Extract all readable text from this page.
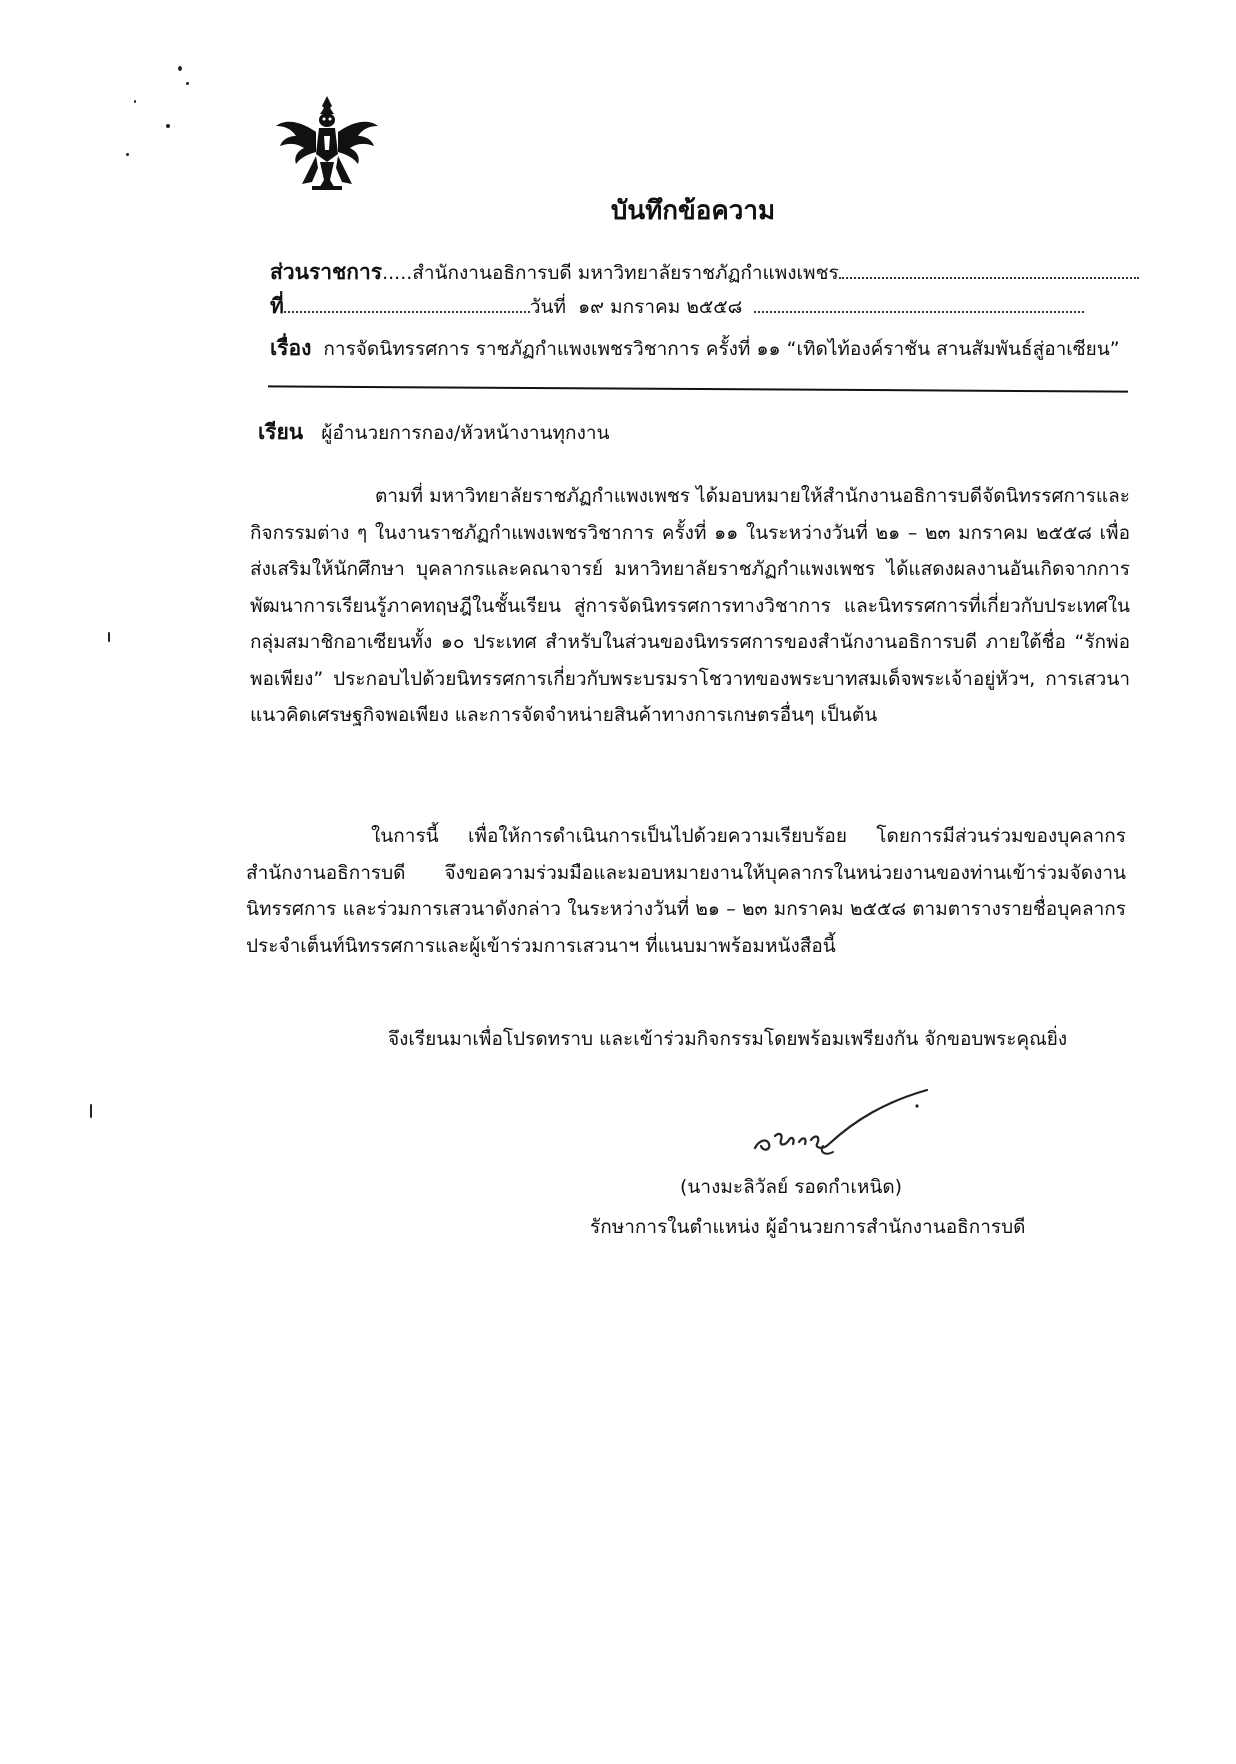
บันทึกข้อความ
ส่วนราชการ.....สำนักงานอธิการบดี มหาวิทยาลัยราชภัฏกำแพงเพชร
ที่	วันที่ ๑๙ มกราคม ๒๕๕๘
เรื่อง การจัดนิทรรศการ ราชภัฏกำแพงเพชรวิชาการ ครั้งที่ ๑๑ “เทิดไท้องค์ราชัน สานสัมพันธ์สู่อาเซียน”
เรียน ผู้อำนวยการกอง/หัวหน้างานทุกงาน

ตามที่ มหาวิทยาลัยราชภัฏกำแพงเพชร ได้มอบหมายให้สำนักงานอธิการบดีจัดนิทรรศการและกิจกรรมต่าง ๆ ในงานราชภัฏกำแพงเพชรวิชาการ ครั้งที่ ๑๑ ในระหว่างวันที่ ๒๑ – ๒๓ มกราคม ๒๕๕๘ เพื่อส่งเสริมให้นักศึกษา บุคลากรและคณาจารย์ มหาวิทยาลัยราชภัฏกำแพงเพชร ได้แสดงผลงานอันเกิดจากการพัฒนาการเรียนรู้ภาคทฤษฎีในชั้นเรียน สู่การจัดนิทรรศการทางวิชาการ และนิทรรศการที่เกี่ยวกับประเทศในกลุ่มสมาชิกอาเซียนทั้ง ๑๐ ประเทศ สำหรับในส่วนของนิทรรศการของสำนักงานอธิการบดี ภายใต้ชื่อ “รักพ่อ พอเพียง” ประกอบไปด้วยนิทรรศการเกี่ยวกับพระบรมราโชวาทของพระบาทสมเด็จพระเจ้าอยู่หัวฯ, การเสวนาแนวคิดเศรษฐกิจพอเพียง และการจัดจำหน่ายสินค้าทางการเกษตรอื่นๆ เป็นต้น

ในการนี้ เพื่อให้การดำเนินการเป็นไปด้วยความเรียบร้อย โดยการมีส่วนร่วมของบุคลากรสำนักงานอธิการบดี จึงขอความร่วมมือและมอบหมายงานให้บุคลากรในหน่วยงานของท่านเข้าร่วมจัดงานนิทรรศการ และร่วมการเสวนาดังกล่าว ในระหว่างวันที่ ๒๑ – ๒๓ มกราคม ๒๕๕๘ ตามตารางรายชื่อบุคลากรประจำเต็นท์นิทรรศการและผู้เข้าร่วมการเสวนาฯ ที่แนบมาพร้อมหนังสือนี้

จึงเรียนมาเพื่อโปรดทราบ และเข้าร่วมกิจกรรมโดยพร้อมเพรียงกัน จักขอบพระคุณยิ่ง
(นางมะลิวัลย์ รอดกำเหนิด)
รักษาการในตำแหน่ง ผู้อำนวยการสำนักงานอธิการบดี
